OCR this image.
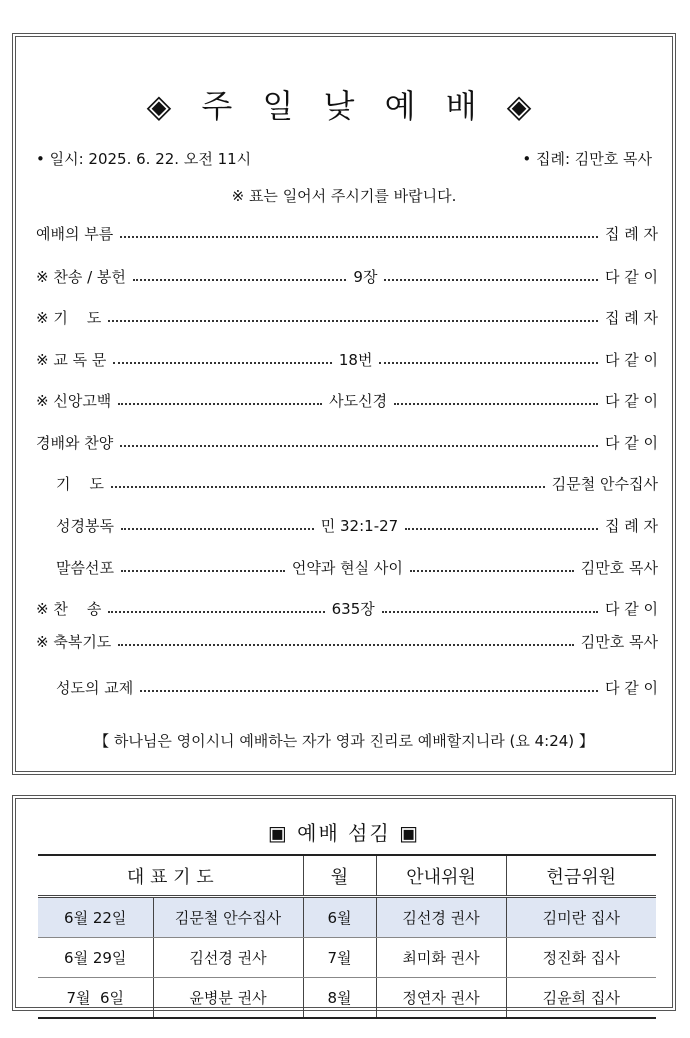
◈ 주 일 낮 예 배 ◈
• 일시: 2025. 6. 22. 오전 11시	• 집례: 김만호 목사
※ 표는 일어서 주시기를 바랍니다.
예배의 부름	집 례 자
※ 찬송 / 봉헌	9장	다 같 이
※ 기    도	집 례 자
※ 교 독 문	18번	다 같 이
※ 신앙고백	사도신경	다 같 이
경배와 찬양	다 같 이
기    도	김문철 안수집사
성경봉독	민 32:1-27	집 례 자
말씀선포	언약과 현실 사이	김만호 목사
※ 찬    송	635장	다 같 이
※ 축복기도	김만호 목사
성도의 교제	다 같 이
【 하나님은 영이시니 예배하는 자가 영과 진리로 예배할지니라 (요 4:24) 】
▣ 예배 섬김 ▣
대 표 기 도		월	안내위원	헌금위원
6월 22일	김문철 안수집사	6월	김선경 권사	김미란 집사
6월 29일	김선경 권사	7월	최미화 권사	정진화 집사
7월  6일	윤병분 권사	8월	정연자 권사	김윤희 집사
